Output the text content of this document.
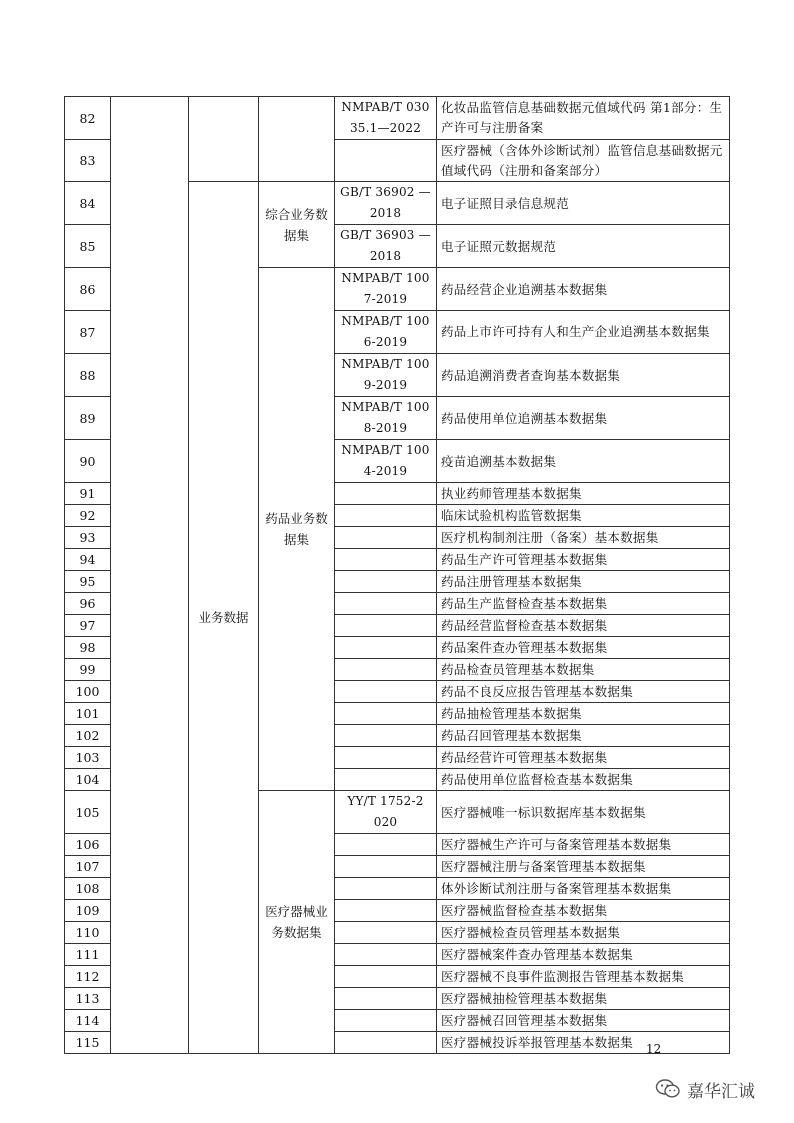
82				NMPAB/T 030 35.1—2022	化妆品监管信息基础数据元值域代码 第1部分：生产许可与注册备案
83					医疗器械（含体外诊断试剂）监管信息基础数据元值域代码（注册和备案部分）
84		业务数据	综合业务数据集	GB/T 36902 —2018	电子证照目录信息规范
85				GB/T 36903 —2018	电子证照元数据规范
86			药品业务数据集	NMPAB/T 100 7-2019	药品经营企业追溯基本数据集
87				NMPAB/T 100 6-2019	药品上市许可持有人和生产企业追溯基本数据集
88				NMPAB/T 100 9-2019	药品追溯消费者查询基本数据集
89				NMPAB/T 100 8-2019	药品使用单位追溯基本数据集
90				NMPAB/T 100 4-2019	疫苗追溯基本数据集
91					执业药师管理基本数据集
92					临床试验机构监管数据集
93					医疗机构制剂注册（备案）基本数据集
94					药品生产许可管理基本数据集
95					药品注册管理基本数据集
96					药品生产监督检查基本数据集
97					药品经营监督检查基本数据集
98					药品案件查办管理基本数据集
99					药品检查员管理基本数据集
100					药品不良反应报告管理基本数据集
101					药品抽检管理基本数据集
102					药品召回管理基本数据集
103					药品经营许可管理基本数据集
104					药品使用单位监督检查基本数据集
105			医疗器械业务数据集	YY/T 1752-2 020	医疗器械唯一标识数据库基本数据集
106					医疗器械生产许可与备案管理基本数据集
107					医疗器械注册与备案管理基本数据集
108					体外诊断试剂注册与备案管理基本数据集
109					医疗器械监督检查基本数据集
110					医疗器械检查员管理基本数据集
111					医疗器械案件查办管理基本数据集
112					医疗器械不良事件监测报告管理基本数据集
113					医疗器械抽检管理基本数据集
114					医疗器械召回管理基本数据集
115					医疗器械投诉举报管理基本数据集 12
嘉华汇诚
